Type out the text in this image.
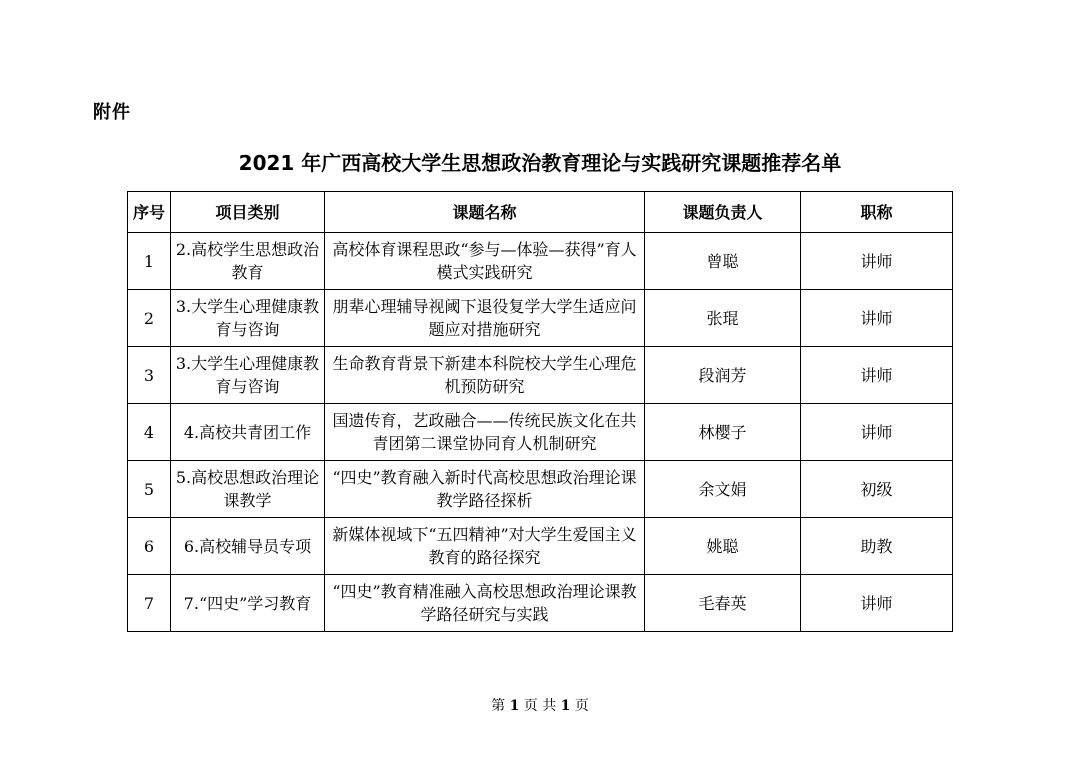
附件
2021 年广西高校大学生思想政治教育理论与实践研究课题推荐名单
序号	项目类别	课题名称	课题负责人	职称
1	2.高校学生思想政治教育	高校体育课程思政“参与—体验—获得”育人模式实践研究	曾聪	讲师
2	3.大学生心理健康教育与咨询	朋辈心理辅导视阈下退役复学大学生适应问题应对措施研究	张琨	讲师
3	3.大学生心理健康教育与咨询	生命教育背景下新建本科院校大学生心理危机预防研究	段润芳	讲师
4	4.高校共青团工作	国遗传育，艺政融合——传统民族文化在共青团第二课堂协同育人机制研究	林樱子	讲师
5	5.高校思想政治理论课教学	“四史”教育融入新时代高校思想政治理论课教学路径探析	余文娟	初级
6	6.高校辅导员专项	新媒体视域下“五四精神”对大学生爱国主义教育的路径探究	姚聪	助教
7	7.“四史”学习教育	“四史”教育精准融入高校思想政治理论课教学路径研究与实践	毛春英	讲师
第 1 页 共 1 页
